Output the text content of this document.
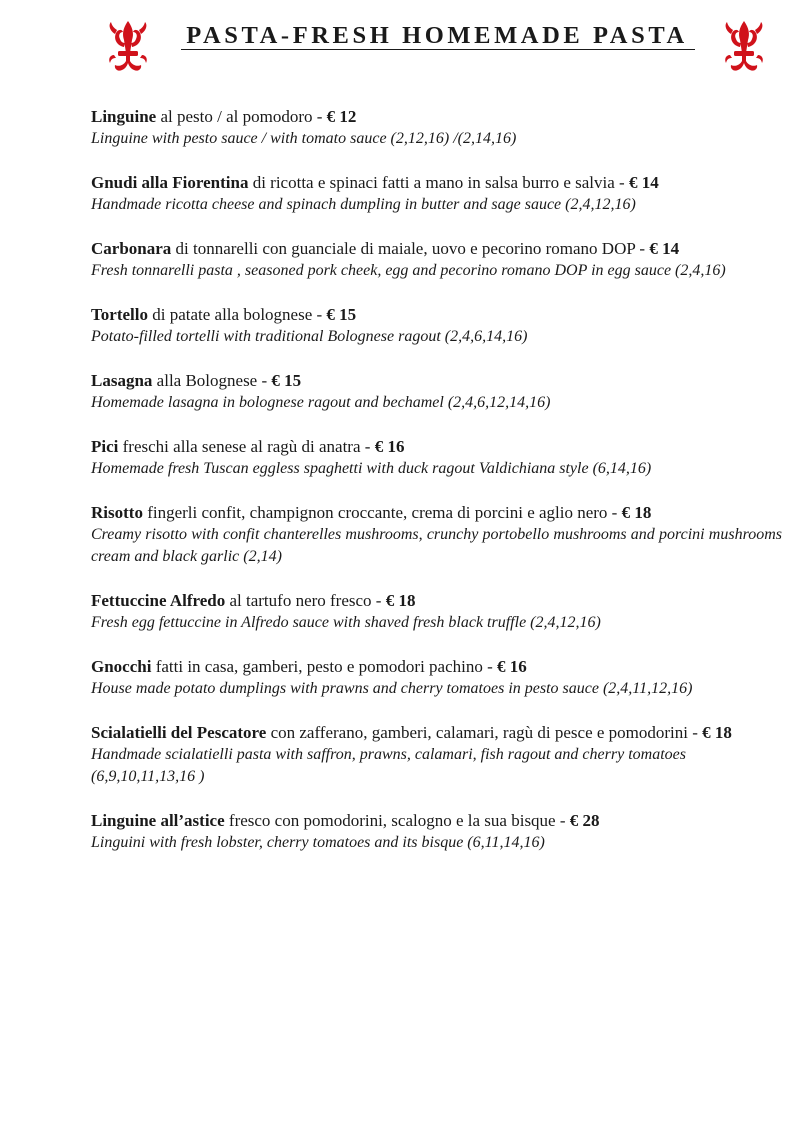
PASTA-FRESH HOMEMADE PASTA
Linguine al pesto / al pomodoro - € 12
Linguine with pesto sauce / with tomato sauce (2,12,16) /(2,14,16)
Gnudi alla Fiorentina di ricotta e spinaci fatti a mano in salsa burro e salvia - € 14
Handmade ricotta cheese and spinach dumpling in butter and sage sauce (2,4,12,16)
Carbonara di tonnarelli con guanciale di maiale, uovo e pecorino romano DOP - € 14
Fresh tonnarelli pasta , seasoned pork cheek, egg and pecorino romano DOP in egg sauce (2,4,16)
Tortello di patate alla bolognese - € 15
Potato-filled tortelli with traditional Bolognese ragout (2,4,6,14,16)
Lasagna alla Bolognese - € 15
Homemade lasagna in bolognese ragout and bechamel (2,4,6,12,14,16)
Pici freschi alla senese al ragù di anatra - € 16
Homemade fresh Tuscan eggless spaghetti with duck ragout Valdichiana style (6,14,16)
Risotto fingerli confit, champignon croccante, crema di porcini e aglio nero - € 18
Creamy risotto with confit chanterelles mushrooms, crunchy portobello mushrooms and porcini mushrooms cream and black garlic (2,14)
Fettuccine Alfredo al tartufo nero fresco - € 18
Fresh egg fettuccine in Alfredo sauce with shaved fresh black truffle (2,4,12,16)
Gnocchi fatti in casa, gamberi, pesto e pomodori pachino - € 16
House made potato dumplings with prawns and cherry tomatoes in pesto sauce (2,4,11,12,16)
Scialatielli del Pescatore con zafferano, gamberi, calamari, ragù di pesce e pomodorini - € 18
Handmade scialatielli pasta with saffron, prawns, calamari, fish ragout and cherry tomatoes (6,9,10,11,13,16 )
Linguine all’astice fresco con pomodorini, scalogno e la sua bisque - € 28
Linguini with fresh lobster, cherry tomatoes and its bisque (6,11,14,16)
